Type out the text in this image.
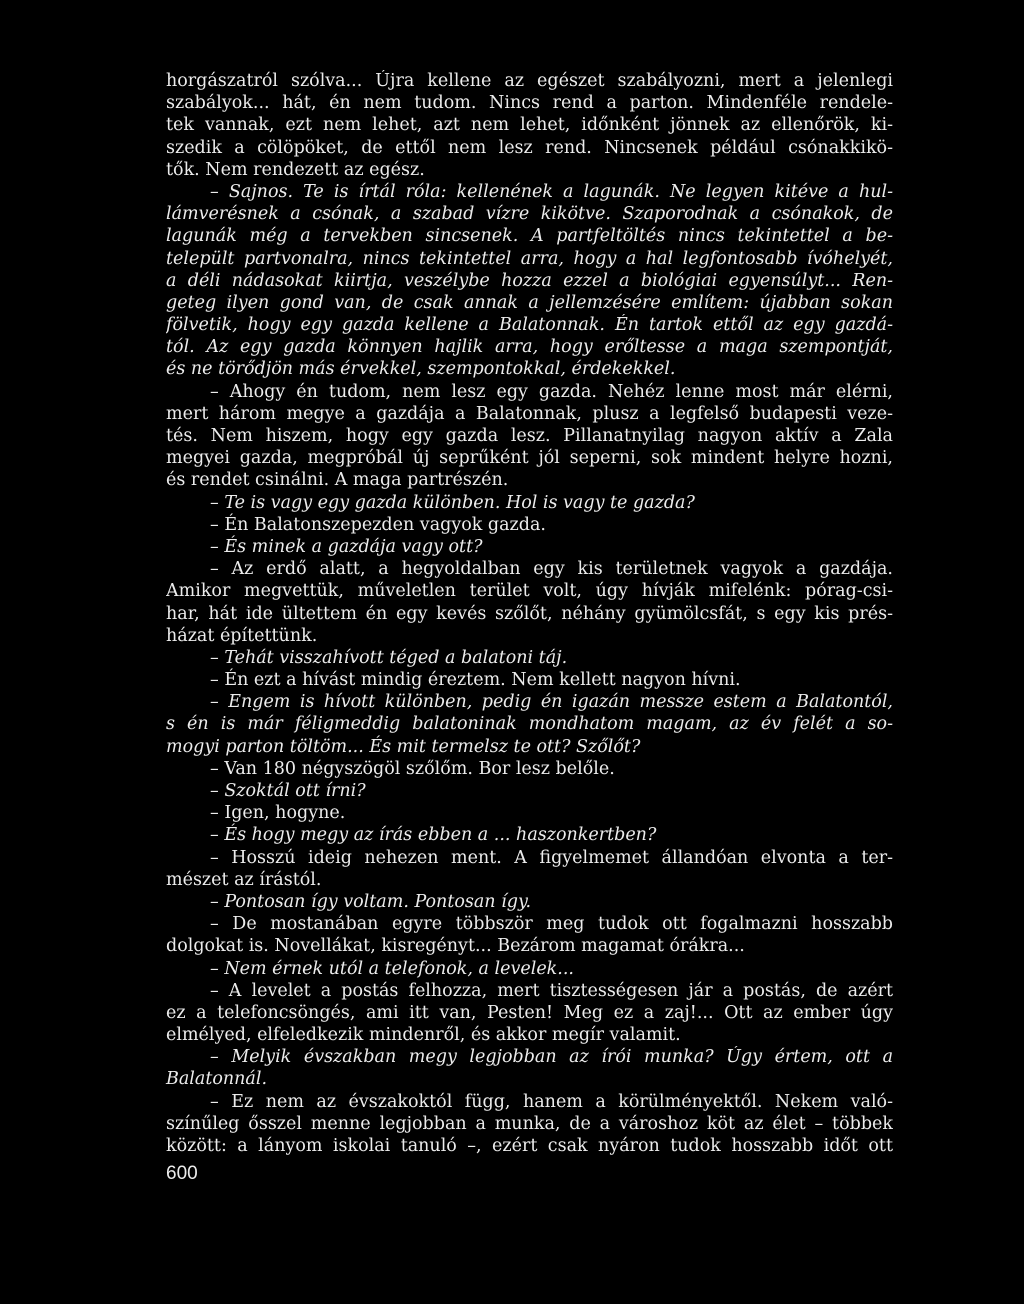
horgászatról szólva... Újra kellene az egészet szabályozni, mert a jelenlegi
szabályok... hát, én nem tudom. Nincs rend a parton. Mindenféle rendele-
tek vannak, ezt nem lehet, azt nem lehet, időnként jönnek az ellenőrök, ki-
szedik a cölöpöket, de ettől nem lesz rend. Nincsenek például csónakkikö-
tők. Nem rendezett az egész.
– Sajnos. Te is írtál róla: kellenének a lagunák. Ne legyen kitéve a hul-
lámverésnek a csónak, a szabad vízre kikötve. Szaporodnak a csónakok, de
lagunák még a tervekben sincsenek. A partfeltöltés nincs tekintettel a be-
települt partvonalra, nincs tekintettel arra, hogy a hal legfontosabb ívóhelyét,
a déli nádasokat kiirtja, veszélybe hozza ezzel a biológiai egyensúlyt... Ren-
geteg ilyen gond van, de csak annak a jellemzésére említem: újabban sokan
fölvetik, hogy egy gazda kellene a Balatonnak. Én tartok ettől az egy gazdá-
tól. Az egy gazda könnyen hajlik arra, hogy erőltesse a maga szempontját,
és ne törődjön más érvekkel, szempontokkal, érdekekkel.
– Ahogy én tudom, nem lesz egy gazda. Nehéz lenne most már elérni,
mert három megye a gazdája a Balatonnak, plusz a legfelső budapesti veze-
tés. Nem hiszem, hogy egy gazda lesz. Pillanatnyilag nagyon aktív a Zala
megyei gazda, megpróbál új seprűként jól seperni, sok mindent helyre hozni,
és rendet csinálni. A maga partrészén.
– Te is vagy egy gazda különben. Hol is vagy te gazda?
– Én Balatonszepezden vagyok gazda.
– És minek a gazdája vagy ott?
– Az erdő alatt, a hegyoldalban egy kis területnek vagyok a gazdája.
Amikor megvettük, műveletlen terület volt, úgy hívják mifelénk: pórag-csi-
har, hát ide ültettem én egy kevés szőlőt, néhány gyümölcsfát, s egy kis prés-
házat építettünk.
– Tehát visszahívott téged a balatoni táj.
– Én ezt a hívást mindig éreztem. Nem kellett nagyon hívni.
– Engem is hívott különben, pedig én igazán messze estem a Balatontól,
s én is már féligmeddig balatoninak mondhatom magam, az év felét a so-
mogyi parton töltöm... És mit termelsz te ott? Szőlőt?
– Van 180 négyszögöl szőlőm. Bor lesz belőle.
– Szoktál ott írni?
– Igen, hogyne.
– És hogy megy az írás ebben a ... haszonkertben?
– Hosszú ideig nehezen ment. A figyelmemet állandóan elvonta a ter-
mészet az írástól.
– Pontosan így voltam. Pontosan így.
– De mostanában egyre többször meg tudok ott fogalmazni hosszabb
dolgokat is. Novellákat, kisregényt... Bezárom magamat órákra...
– Nem érnek utól a telefonok, a levelek...
– A levelet a postás felhozza, mert tisztességesen jár a postás, de azért
ez a telefoncsöngés, ami itt van, Pesten! Meg ez a zaj!... Ott az ember úgy
elmélyed, elfeledkezik mindenről, és akkor megír valamit.
– Melyik évszakban megy legjobban az írói munka? Úgy értem, ott a
Balatonnál.
– Ez nem az évszakoktól függ, hanem a körülményektől. Nekem való-
színűleg ősszel menne legjobban a munka, de a városhoz köt az élet – többek
között: a lányom iskolai tanuló –, ezért csak nyáron tudok hosszabb időt ott
600
